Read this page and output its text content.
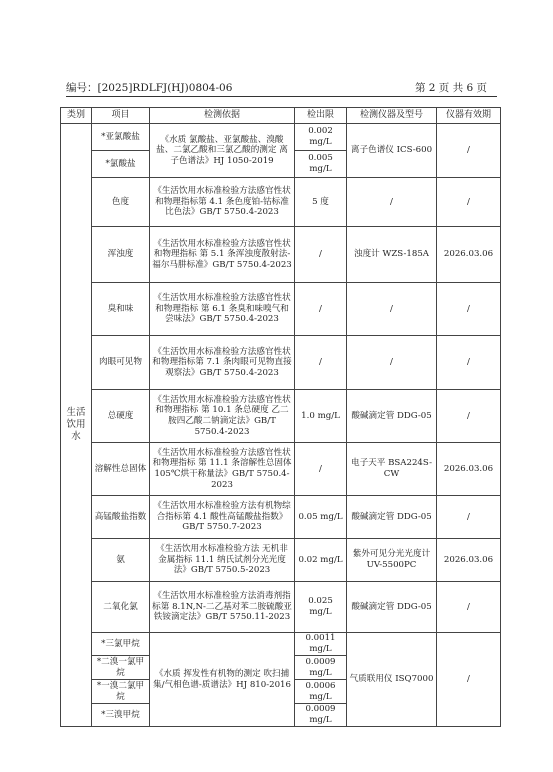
编号：[2025]RDLFJ(HJ)0804-06	第 2 页 共 6 页
类别	项目	检测依据	检出限	检测仪器及型号	仪器有效期
生活饮用水	*亚氯酸盐	《水质 氯酸盐、亚氯酸盐、溴酸盐、二氯乙酸和三氯乙酸的测定 离子色谱法》HJ 1050-2019	0.002 mg/L	离子色谱仪 ICS-600	/
	*氯酸盐		0.005 mg/L		
	色度	《生活饮用水标准检验方法感官性状和物理指标第 4.1 条色度铂-钴标准比色法》GB/T 5750.4-2023	5 度	/	/
	浑浊度	《生活饮用水标准检验方法感官性状和物理指标 第 5.1 条浑浊度散射法-福尔马肼标准》GB/T 5750.4-2023	/	浊度计 WZS-185A	2026.03.06
	臭和味	《生活饮用水标准检验方法感官性状和物理指标 第 6.1 条臭和味嗅气和尝味法》GB/T 5750.4-2023	/	/	/
	肉眼可见物	《生活饮用水标准检验方法感官性状和物理指标第 7.1 条肉眼可见物直接观察法》GB/T 5750.4-2023	/	/	/
	总硬度	《生活饮用水标准检验方法感官性状和物理指标 第 10.1 条总硬度 乙二胺四乙酸二钠滴定法》GB/T 5750.4-2023	1.0 mg/L	酸碱滴定管 DDG-05	/
	溶解性总固体	《生活饮用水标准检验方法感官性状和物理指标 第 11.1 条溶解性总固体 105℃烘干称量法》GB/T 5750.4-2023	/	电子天平 BSA224S-CW	2026.03.06
	高锰酸盐指数	《生活饮用水标准检验方法有机物综合指标第 4.1 酸性高锰酸盐指数》GB/T 5750.7-2023	0.05 mg/L	酸碱滴定管 DDG-05	/
	氨	《生活饮用水标准检验方法 无机非金属指标 11.1 纳氏试剂分光光度法》GB/T 5750.5-2023	0.02 mg/L	紫外可见分光光度计 UV-5500PC	2026.03.06
	二氧化氯	《生活饮用水标准检验方法消毒剂指标第 8.1N,N-二乙基对苯二胺硫酸亚铁铵滴定法》GB/T 5750.11-2023	0.025 mg/L	酸碱滴定管 DDG-05	/
	*三氯甲烷	《水质 挥发性有机物的测定 吹扫捕集/气相色谱-质谱法》HJ 810-2016	0.0011 mg/L	气质联用仪 ISQ7000	/
	*二溴一氯甲烷		0.0009 mg/L		
	*一溴二氯甲烷		0.0006 mg/L		
	*三溴甲烷		0.0009 mg/L		
